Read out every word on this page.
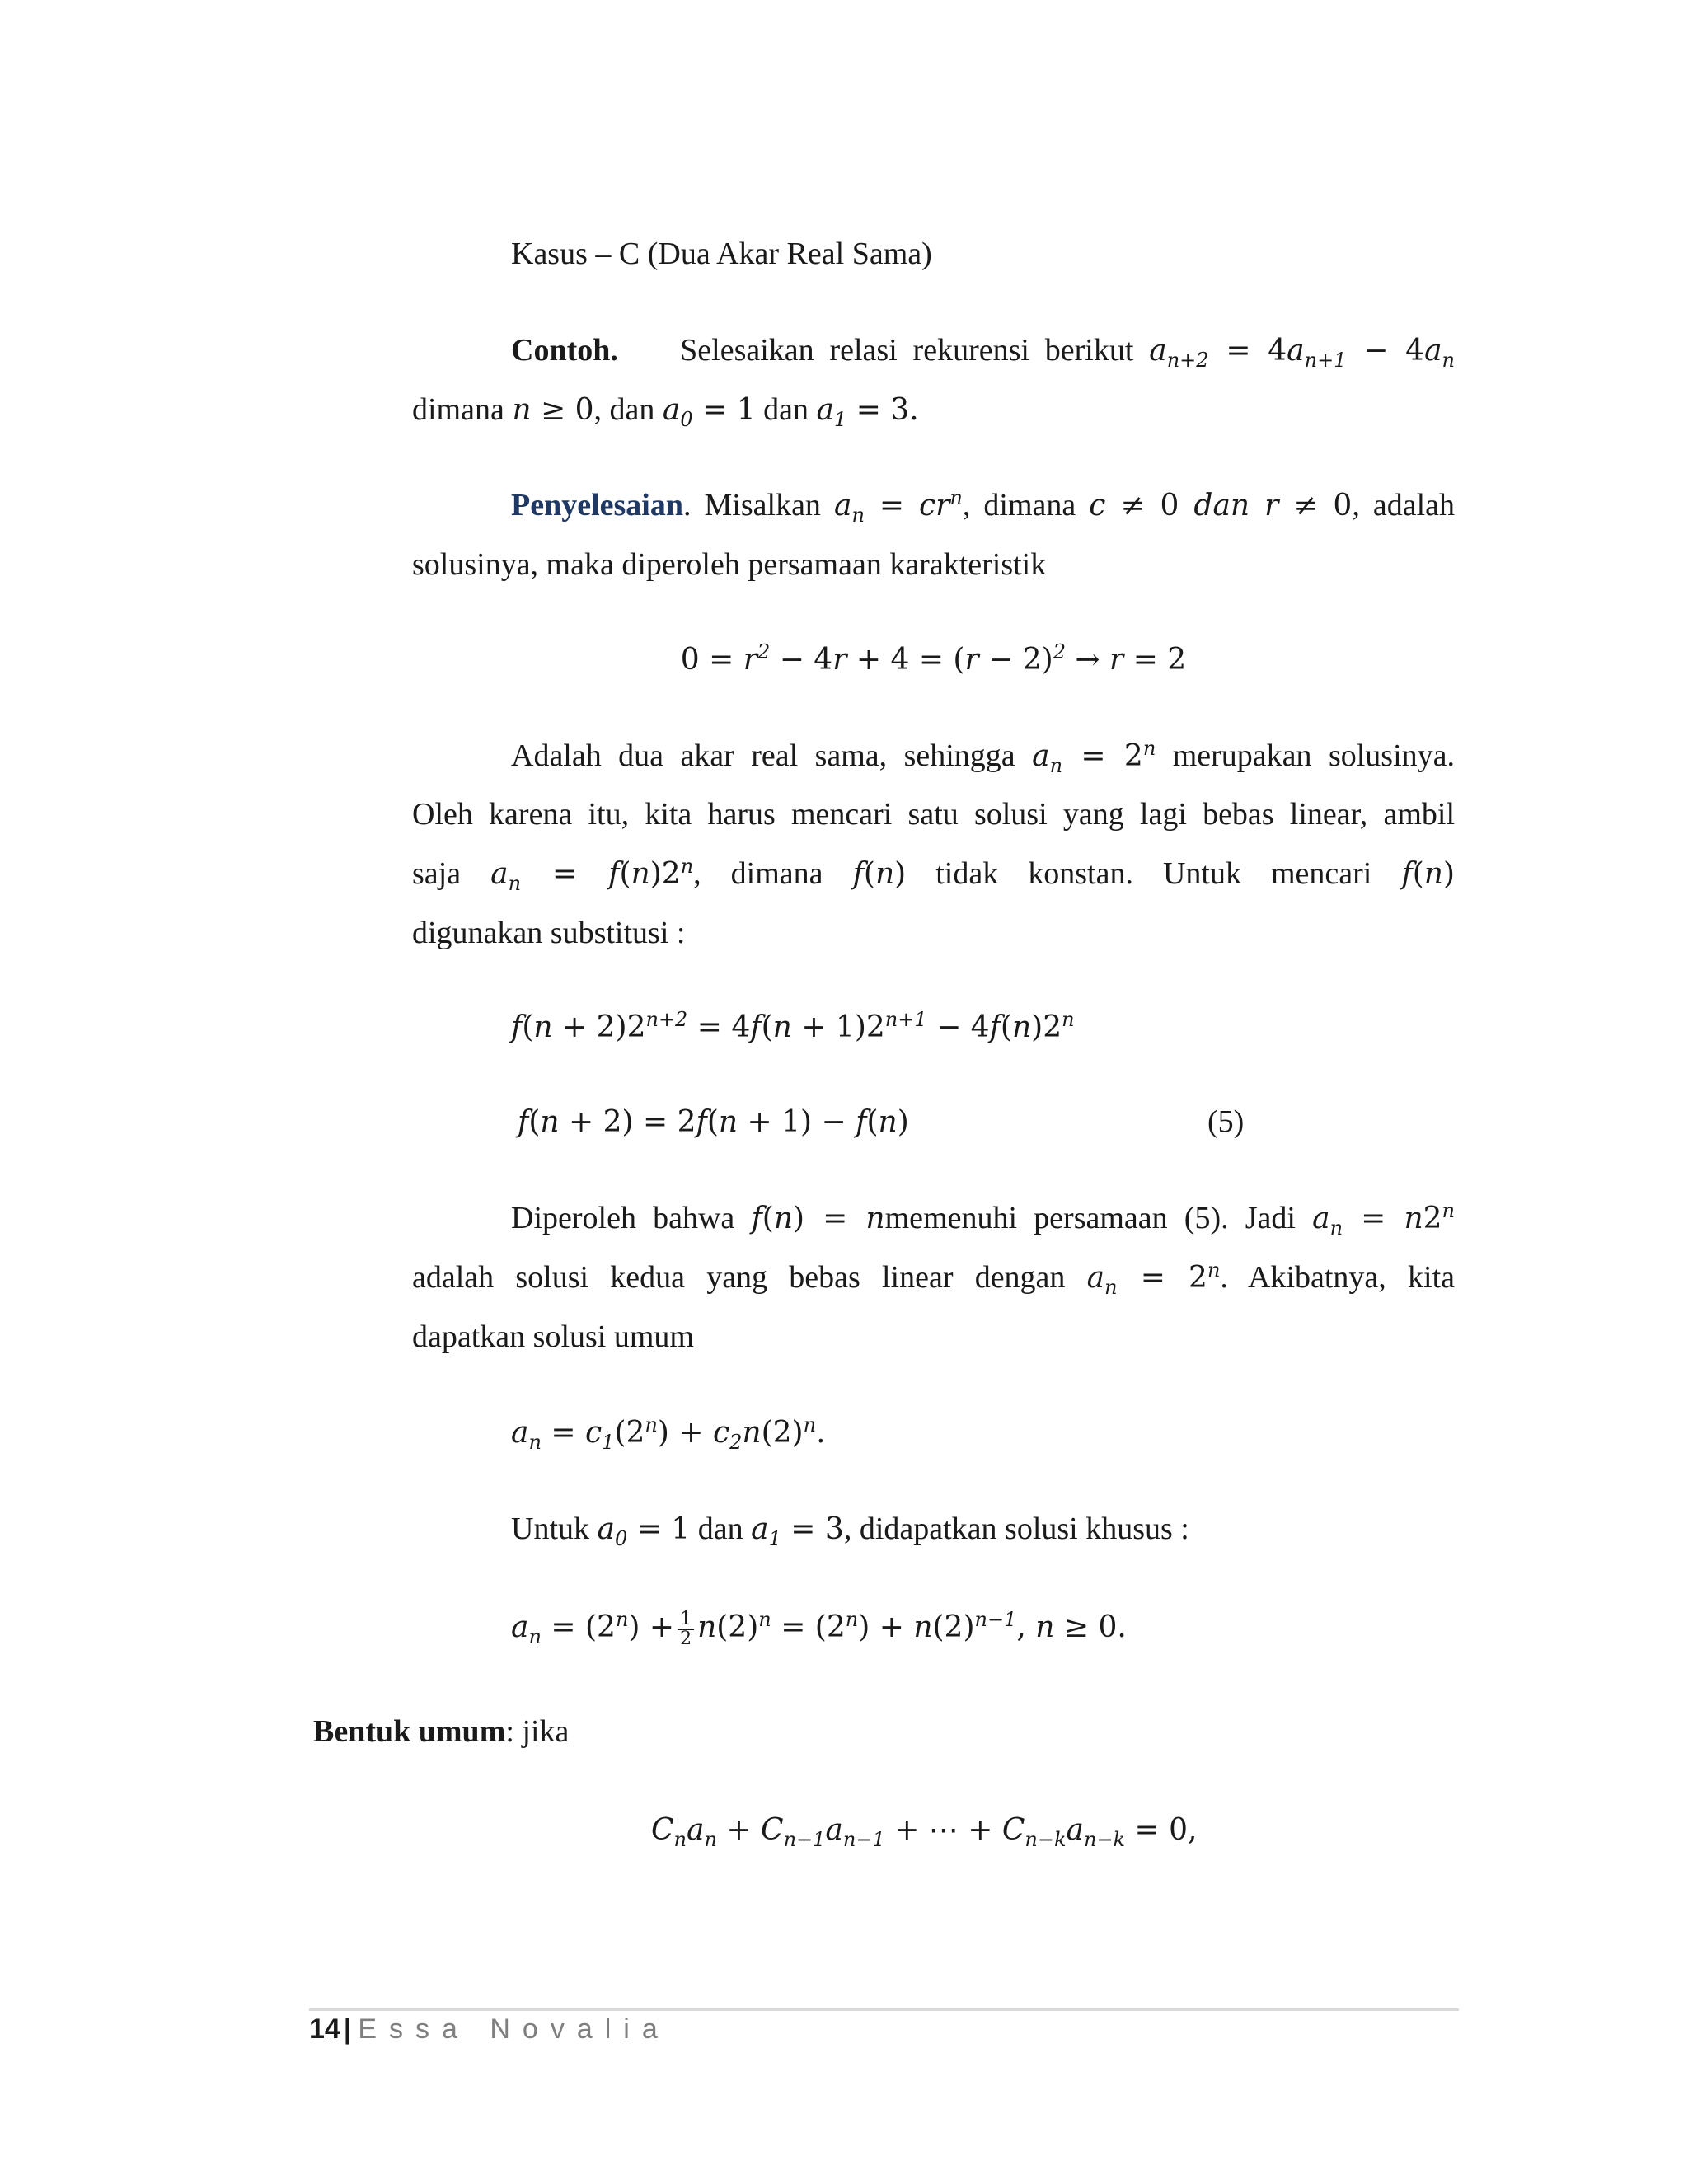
Kasus – C (Dua Akar Real Sama)
Contoh. Selesaikan relasi rekurensi berikut $a_{n+2} = 4a_{n+1} - 4a_n$
dimana n ≥ 0, dan $a_0 = 1$ dan $a_1 = 3$.
Penyelesaian. Misalkan $a_n = cr^n$, dimana c ≠ 0 dan r ≠ 0, adalah
solusinya, maka diperoleh persamaan karakteristik
$0 = r^2 - 4r + 4 = (r - 2)^2 \to r = 2$
Adalah dua akar real sama, sehingga $a_n = 2^n$ merupakan solusinya.
Oleh karena itu, kita harus mencari satu solusi yang lagi bebas linear, ambil
saja $a_n = f(n)2^n$, dimana f(n) tidak konstan. Untuk mencari f(n)
digunakan substitusi :
$f(n + 2)2^{n+2} = 4f(n + 1)2^{n+1} - 4f(n)2^n$
f(n + 2) = 2f(n + 1) − f(n)	(5)
Diperoleh bahwa f(n) = nmemenuhi persamaan (5). Jadi $a_n = n2^n$
adalah solusi kedua yang bebas linear dengan $a_n = 2^n$. Akibatnya, kita
dapatkan solusi umum
$a_n = c_1(2^n) + c_2n(2)^n$.
Untuk $a_0 = 1$ dan $a_1 = 3$, didapatkan solusi khusus :
$a_n = (2^n) + \frac{1}{2} n(2)^n = (2^n) + n(2)^{n-1}$, n ≥ 0.
Bentuk umum: jika
$C_na_n + C_{n-1}a_{n-1}$ + ⋯ + $C_{n-k}a_{n-k} = 0$,
14 | Essa Novalia
